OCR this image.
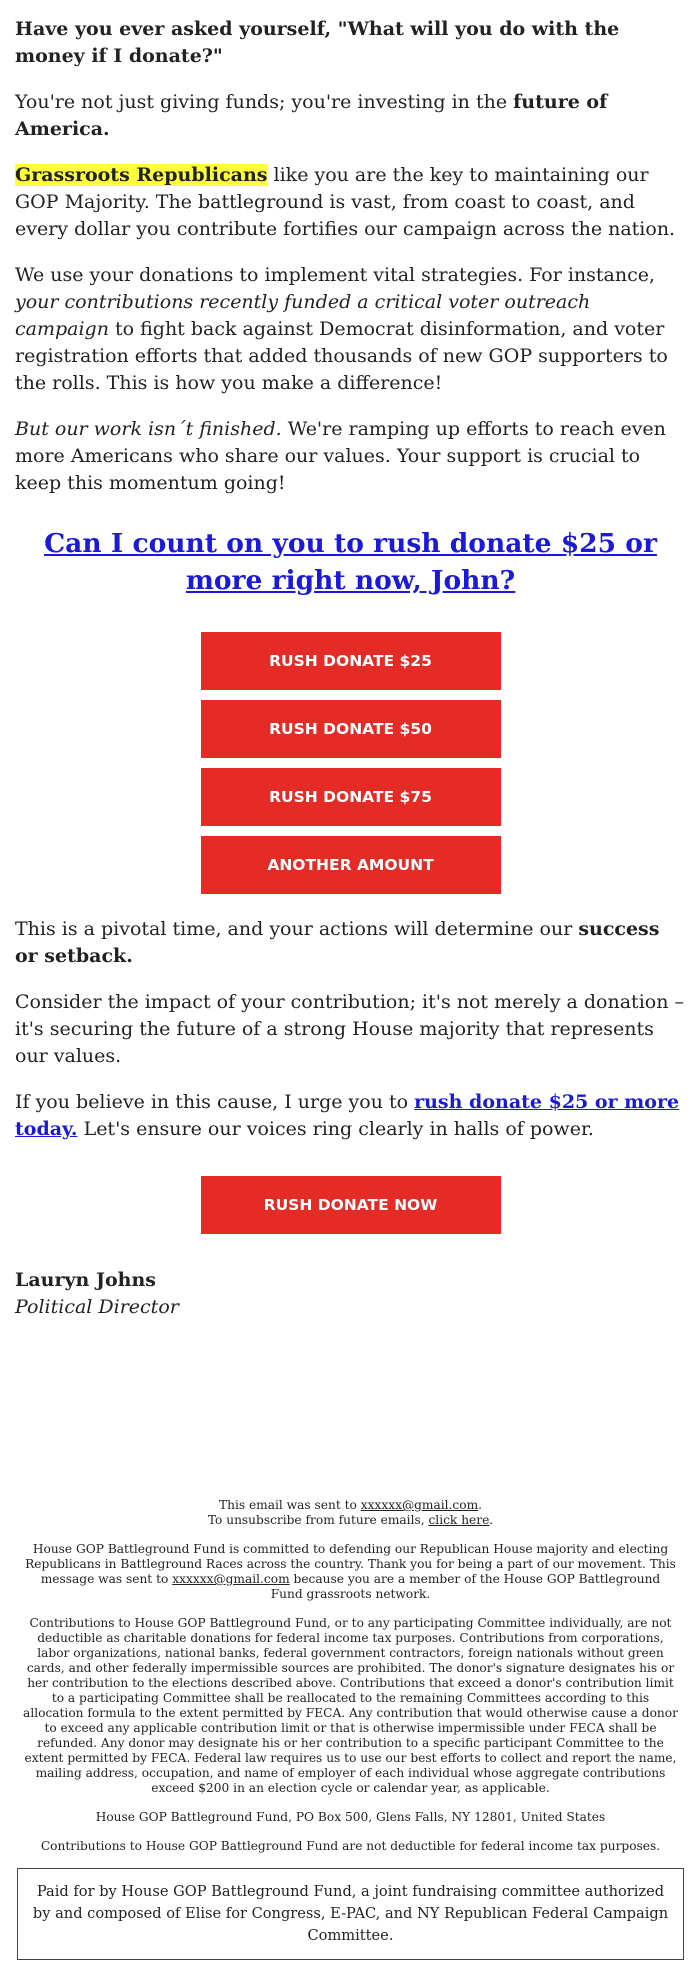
Have you ever asked yourself, "What will you do with the money if I donate?"

You're not just giving funds; you're investing in the future of America.

Grassroots Republicans like you are the key to maintaining our GOP Majority. The battleground is vast, from coast to coast, and every dollar you contribute fortifies our campaign across the nation.

We use your donations to implement vital strategies. For instance, your contributions recently funded a critical voter outreach campaign to fight back against Democrat disinformation, and voter registration efforts that added thousands of new GOP supporters to the rolls. This is how you make a difference!

But our work isn´t finished. We're ramping up efforts to reach even more Americans who share our values. Your support is crucial to keep this momentum going!

Can I count on you to rush donate $25 or more right now, John?

RUSH DONATE $25
RUSH DONATE $50
RUSH DONATE $75
ANOTHER AMOUNT

This is a pivotal time, and your actions will determine our success or setback.

Consider the impact of your contribution; it's not merely a donation – it's securing the future of a strong House majority that represents our values.

If you believe in this cause, I urge you to rush donate $25 or more today. Let's ensure our voices ring clearly in halls of power.

RUSH DONATE NOW
Lauryn Johns
Political Director

This email was sent to xxxxxx@gmail.com.
To unsubscribe from future emails, click here.

House GOP Battleground Fund is committed to defending our Republican House majority and electing Republicans in Battleground Races across the country. Thank you for being a part of our movement. This message was sent to xxxxxx@gmail.com because you are a member of the House GOP Battleground Fund grassroots network.

Contributions to House GOP Battleground Fund, or to any participating Committee individually, are not deductible as charitable donations for federal income tax purposes. Contributions from corporations, labor organizations, national banks, federal government contractors, foreign nationals without green cards, and other federally impermissible sources are prohibited. The donor's signature designates his or her contribution to the elections described above. Contributions that exceed a donor's contribution limit to a participating Committee shall be reallocated to the remaining Committees according to this allocation formula to the extent permitted by FECA. Any contribution that would otherwise cause a donor to exceed any applicable contribution limit or that is otherwise impermissible under FECA shall be refunded. Any donor may designate his or her contribution to a specific participant Committee to the extent permitted by FECA. Federal law requires us to use our best efforts to collect and report the name, mailing address, occupation, and name of employer of each individual whose aggregate contributions exceed $200 in an election cycle or calendar year, as applicable.

House GOP Battleground Fund, PO Box 500, Glens Falls, NY 12801, United States

Contributions to House GOP Battleground Fund are not deductible for federal income tax purposes.

Paid for by House GOP Battleground Fund, a joint fundraising committee authorized by and composed of Elise for Congress, E-PAC, and NY Republican Federal Campaign Committee.
